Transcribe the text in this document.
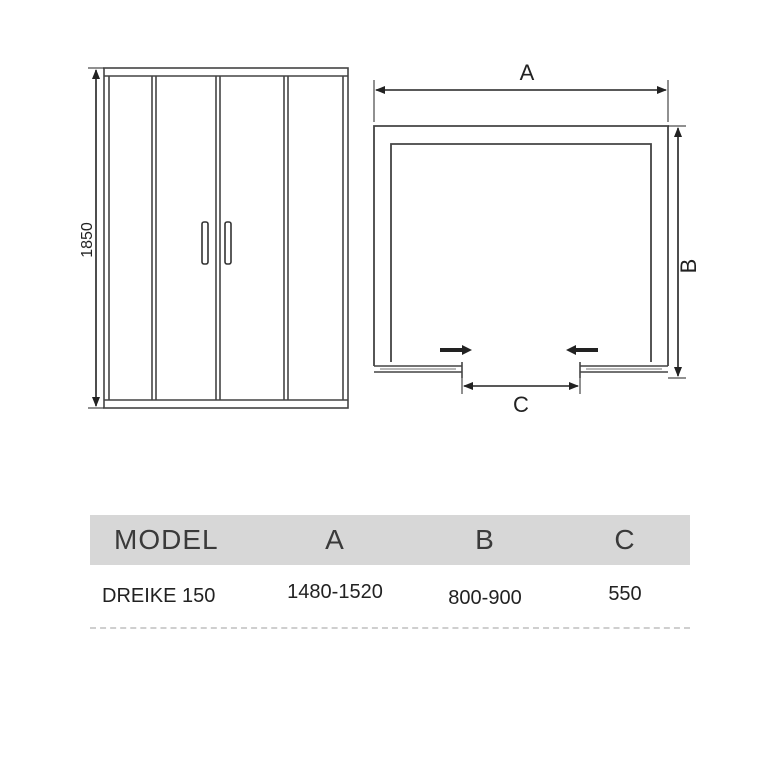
1850
A
B
C
MODEL	A	B	C
DREIKE 150	1480-1520	800-900	550
